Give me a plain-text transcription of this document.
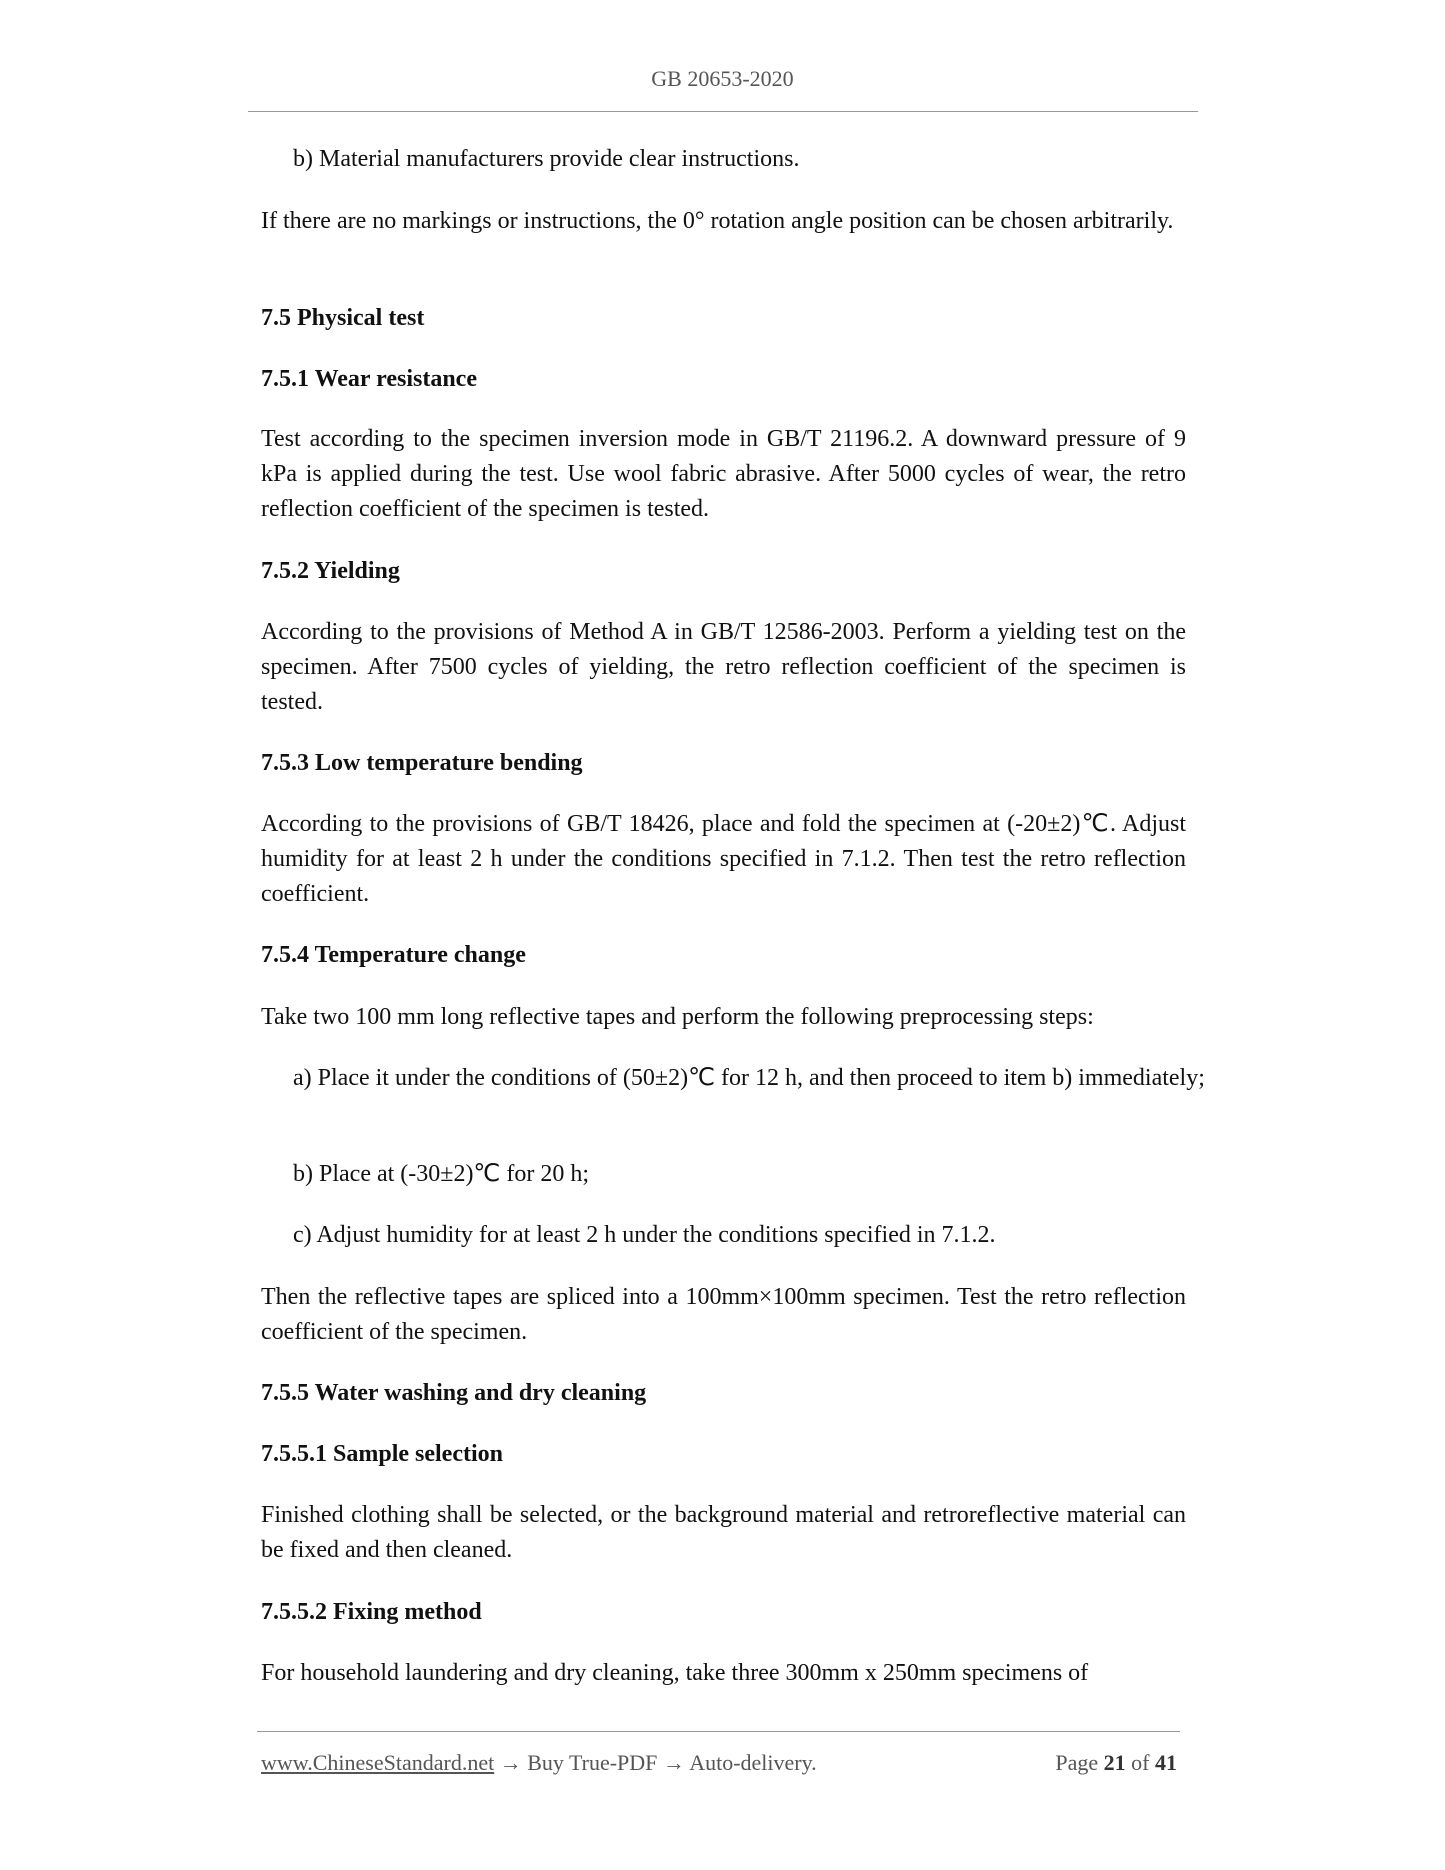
GB 20653-2020
b) Material manufacturers provide clear instructions.
If there are no markings or instructions, the 0° rotation angle position can be chosen arbitrarily.
7.5 Physical test
7.5.1 Wear resistance
Test according to the specimen inversion mode in GB/T 21196.2. A downward pressure of 9 kPa is applied during the test. Use wool fabric abrasive. After 5000 cycles of wear, the retro reflection coefficient of the specimen is tested.
7.5.2 Yielding
According to the provisions of Method A in GB/T 12586-2003. Perform a yielding test on the specimen. After 7500 cycles of yielding, the retro reflection coefficient of the specimen is tested.
7.5.3 Low temperature bending
According to the provisions of GB/T 18426, place and fold the specimen at (-20±2)℃. Adjust humidity for at least 2 h under the conditions specified in 7.1.2. Then test the retro reflection coefficient.
7.5.4 Temperature change
Take two 100 mm long reflective tapes and perform the following preprocessing steps:
a) Place it under the conditions of (50±2)℃ for 12 h, and then proceed to item b) immediately;
b) Place at (-30±2)℃ for 20 h;
c) Adjust humidity for at least 2 h under the conditions specified in 7.1.2.
Then the reflective tapes are spliced into a 100mm×100mm specimen. Test the retro reflection coefficient of the specimen.
7.5.5 Water washing and dry cleaning
7.5.5.1 Sample selection
Finished clothing shall be selected, or the background material and retroreflective material can be fixed and then cleaned.
7.5.5.2 Fixing method
For household laundering and dry cleaning, take three 300mm x 250mm specimens of
www.ChineseStandard.net → Buy True-PDF → Auto-delivery.	Page 21 of 41
